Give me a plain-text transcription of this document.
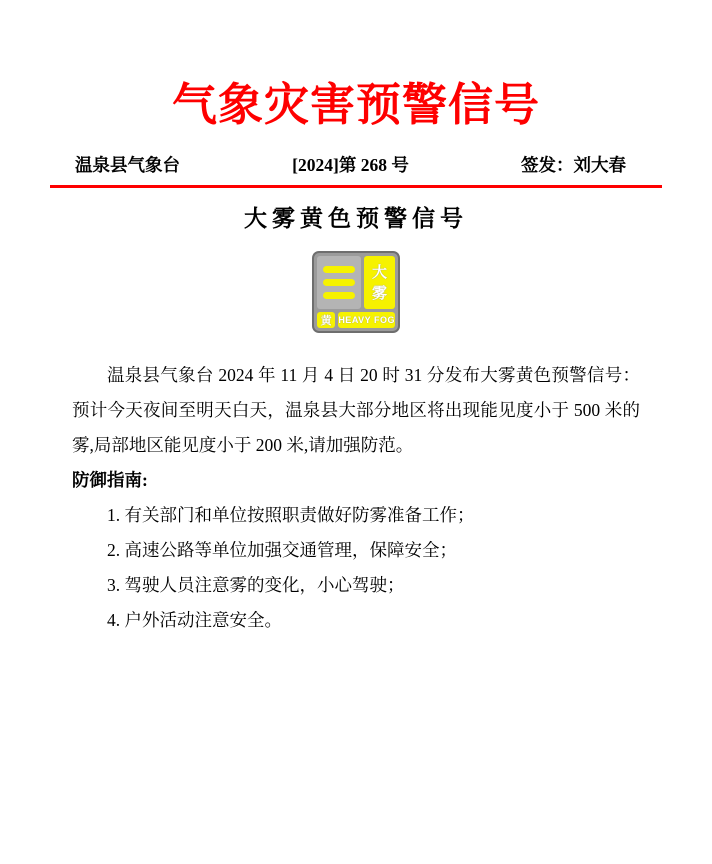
气象灾害预警信号
温泉县气象台	[2024]第 268 号	签发：刘大春
大雾黄色预警信号
大
雾
黄 HEAVY FOG

温泉县气象台 2024 年 11 月 4 日 20 时 31 分发布大雾黄色预警信号：预计今天夜间至明天白天，温泉县大部分地区将出现能见度小于 500 米的雾,局部地区能见度小于 200 米,请加强防范。

防御指南:

1. 有关部门和单位按照职责做好防雾准备工作；

2. 高速公路等单位加强交通管理，保障安全；

3. 驾驶人员注意雾的变化，小心驾驶；

4. 户外活动注意安全。
